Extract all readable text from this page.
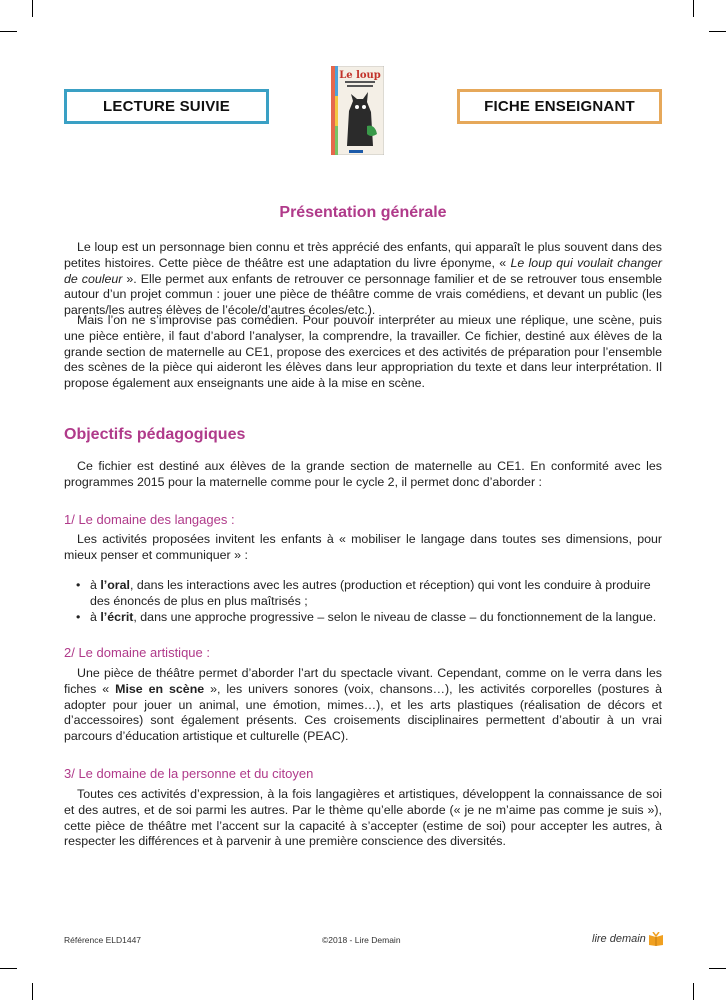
LECTURE SUIVIE	FICHE ENSEIGNANT
Le loup
Présentation générale

Le loup est un personnage bien connu et très apprécié des enfants, qui apparaît le plus souvent dans des petites histoires. Cette pièce de théâtre est une adaptation du livre éponyme, « Le loup qui voulait changer de couleur ». Elle permet aux enfants de retrouver ce personnage familier et de se retrouver tous ensemble autour d’un projet commun : jouer une pièce de théâtre comme de vrais comédiens, et devant un public (les parents/les autres élèves de l’école/d’autres écoles/etc.).

Mais l’on ne s’improvise pas comédien. Pour pouvoir interpréter au mieux une réplique, une scène, puis une pièce entière, il faut d’abord l’analyser, la comprendre, la travailler. Ce fichier, destiné aux élèves de la grande section de maternelle au CE1, propose des exercices et des activités de préparation pour l’ensemble des scènes de la pièce qui aideront les élèves dans leur appropriation du texte et dans leur interprétation. Il propose également aux enseignants une aide à la mise en scène.

Objectifs pédagogiques

Ce fichier est destiné aux élèves de la grande section de maternelle au CE1. En conformité avec les programmes 2015 pour la maternelle comme pour le cycle 2, il permet donc d’aborder :

1/ Le domaine des langages :

Les activités proposées invitent les enfants à « mobiliser le langage dans toutes ses dimensions, pour mieux penser et communiquer » :

• à l’oral, dans les interactions avec les autres (production et réception) qui vont les conduire à produire des énoncés de plus en plus maîtrisés ;
• à l’écrit, dans une approche progressive – selon le niveau de classe – du fonctionnement de la langue.
2/ Le domaine artistique :

Une pièce de théâtre permet d’aborder l’art du spectacle vivant. Cependant, comme on le verra dans les fiches « Mise en scène », les univers sonores (voix, chansons…), les activités corporelles (postures à adopter pour jouer un animal, une émotion, mimes…), et les arts plastiques (réalisation de décors et d’accessoires) sont également présents. Ces croisements disciplinaires permettent d’aboutir à un vrai parcours d’éducation artistique et culturelle (PEAC).

3/ Le domaine de la personne et du citoyen

Toutes ces activités d’expression, à la fois langagières et artistiques, développent la connaissance de soi et des autres, et de soi parmi les autres. Par le thème qu’elle aborde (« je ne m’aime pas comme je suis »), cette pièce de théâtre met l’accent sur la capacité à s’accepter (estime de soi) pour accepter les autres, à respecter les différences et à parvenir à une première conscience des diversités.

Référence ELD1447	©2018 - Lire Demain	lire demain
